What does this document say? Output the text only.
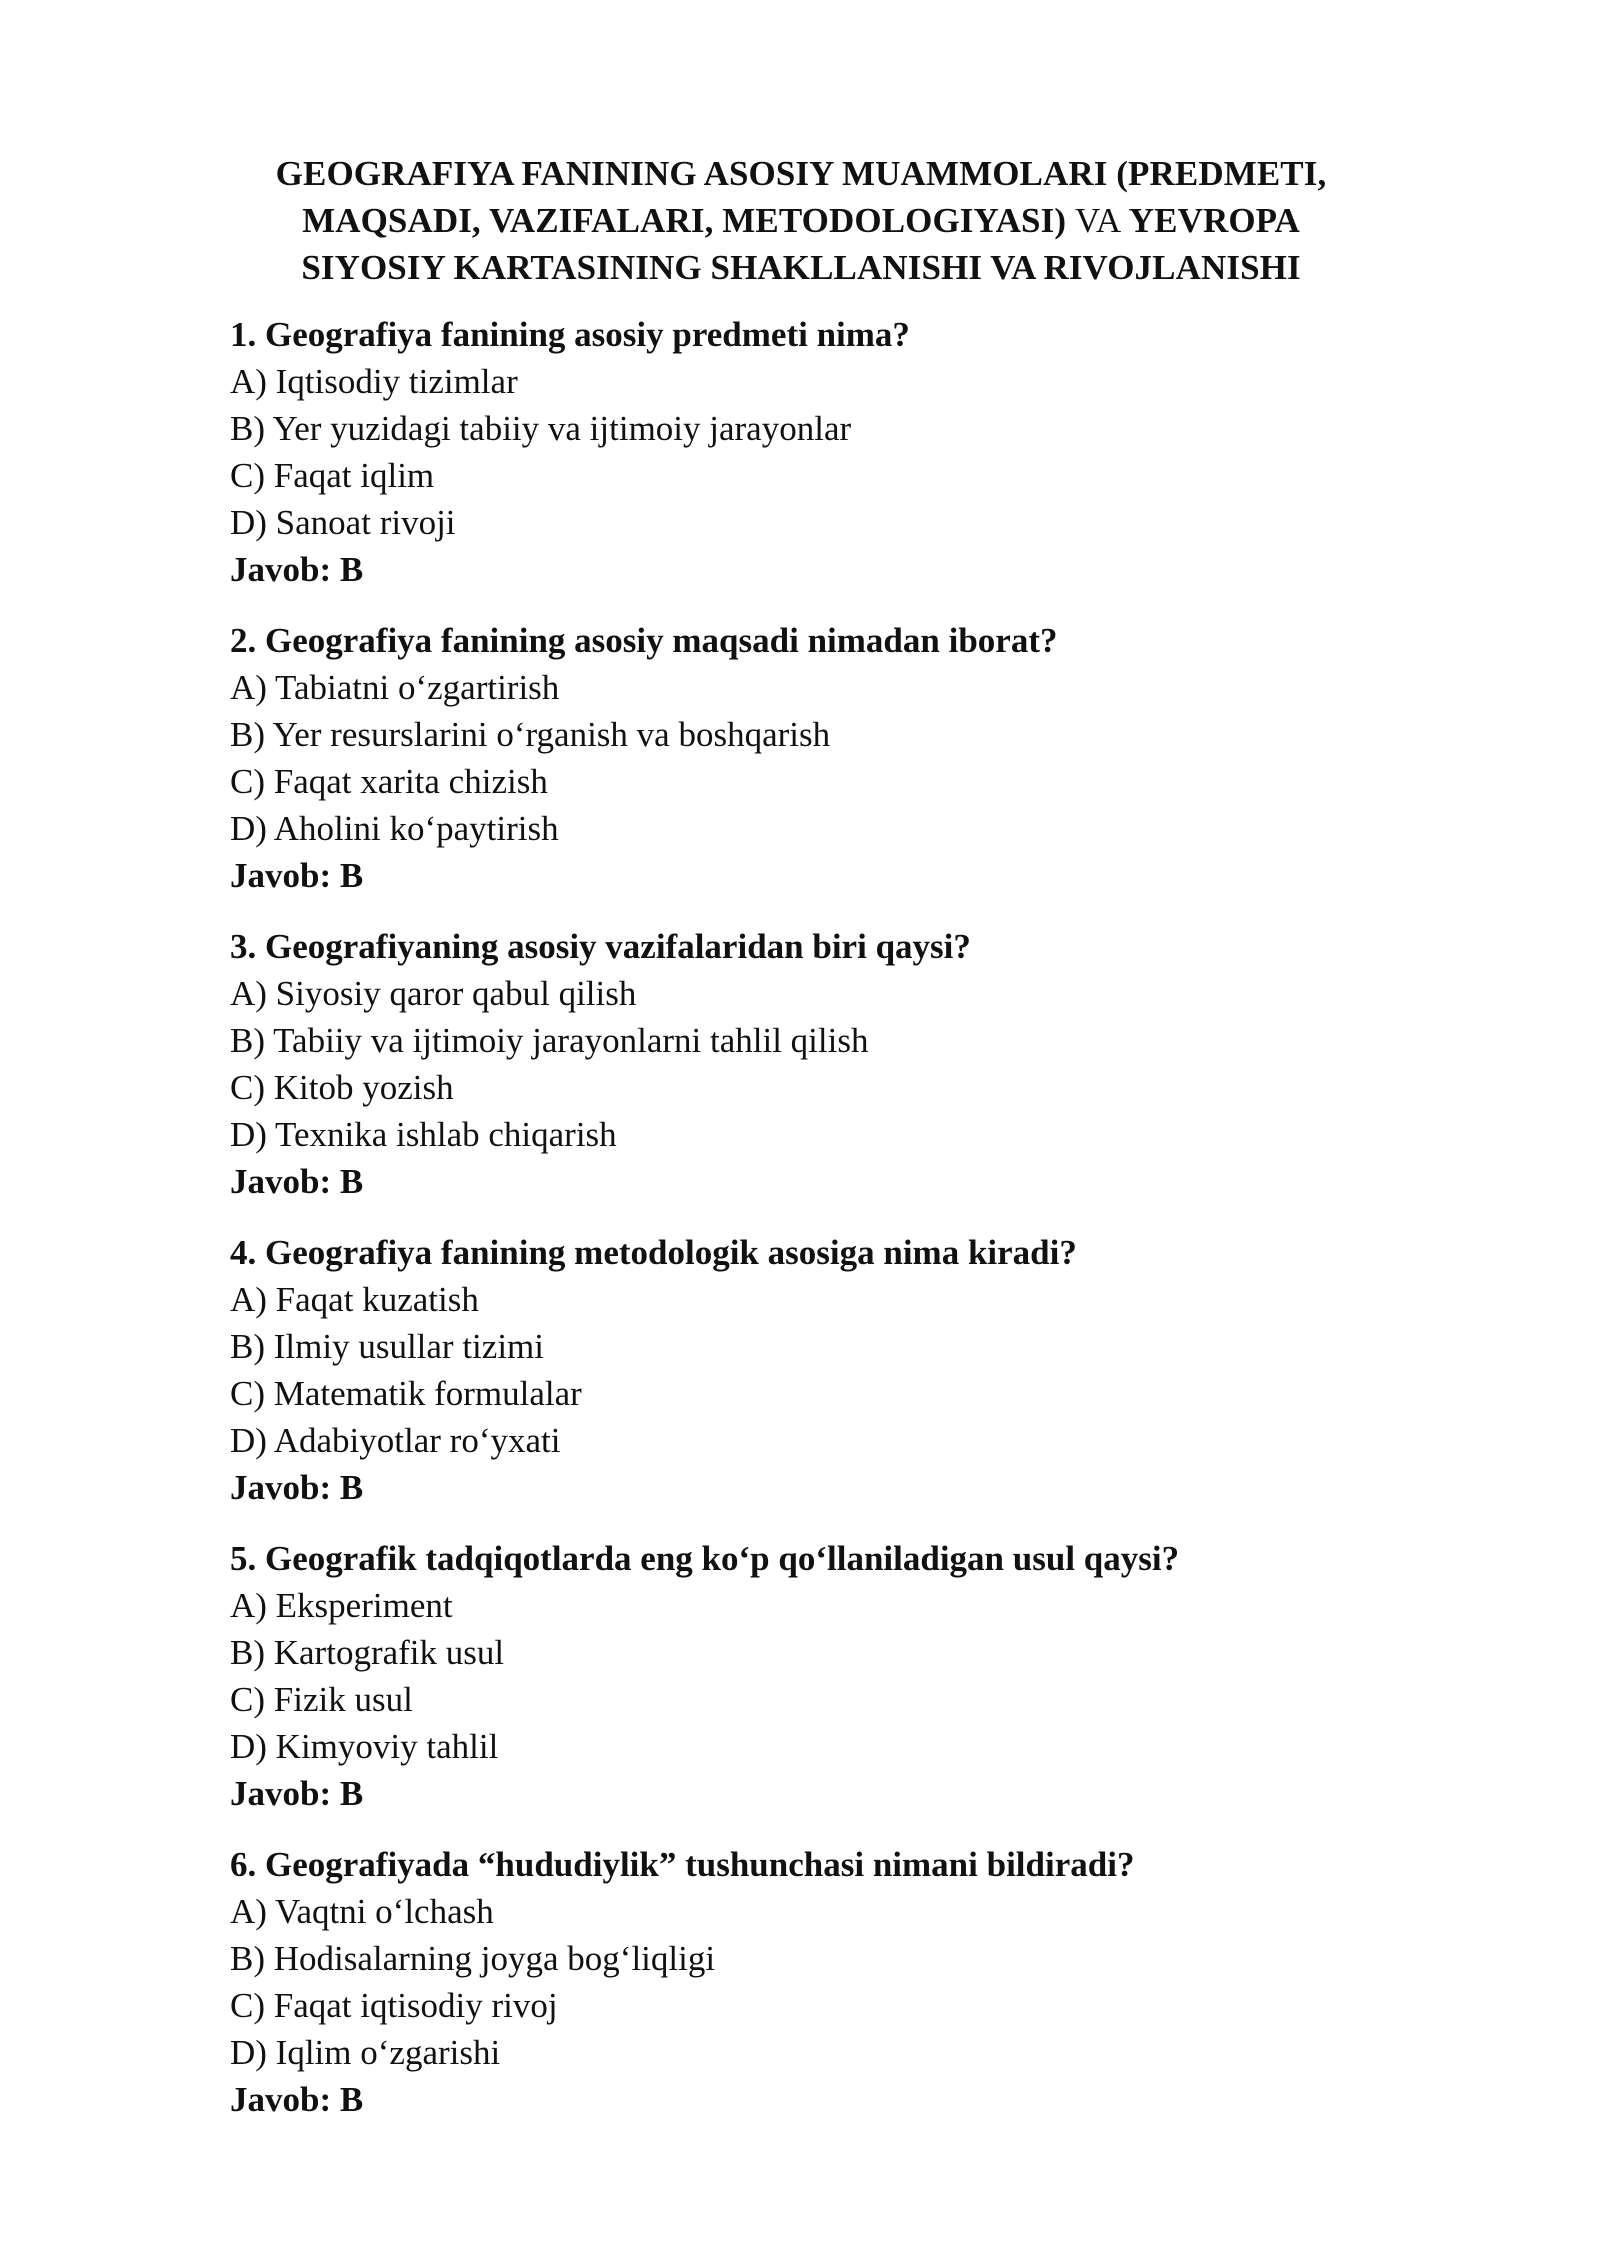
GEOGRAFIYA FANINING ASOSIY MUAMMOLARI (PREDMETI, MAQSADI, VAZIFALARI, METODOLOGIYASI) VA YEVROPA SIYOSIY KARTASINING SHAKLLANISHI VA RIVOJLANISHI

1. Geografiya fanining asosiy predmeti nima?

A) Iqtisodiy tizimlar

B) Yer yuzidagi tabiiy va ijtimoiy jarayonlar

C) Faqat iqlim

D) Sanoat rivoji

Javob: B

2. Geografiya fanining asosiy maqsadi nimadan iborat?

A) Tabiatni o‘zgartirish

B) Yer resurslarini o‘rganish va boshqarish

C) Faqat xarita chizish

D) Aholini ko‘paytirish

Javob: B

3. Geografiyaning asosiy vazifalaridan biri qaysi?

A) Siyosiy qaror qabul qilish

B) Tabiiy va ijtimoiy jarayonlarni tahlil qilish

C) Kitob yozish

D) Texnika ishlab chiqarish

Javob: B

4. Geografiya fanining metodologik asosiga nima kiradi?

A) Faqat kuzatish

B) Ilmiy usullar tizimi

C) Matematik formulalar

D) Adabiyotlar ro‘yxati

Javob: B

5. Geografik tadqiqotlarda eng ko‘p qo‘llaniladigan usul qaysi?

A) Eksperiment

B) Kartografik usul

C) Fizik usul

D) Kimyoviy tahlil

Javob: B

6. Geografiyada “hududiylik” tushunchasi nimani bildiradi?

A) Vaqtni o‘lchash

B) Hodisalarning joyga bog‘liqligi

C) Faqat iqtisodiy rivoj

D) Iqlim o‘zgarishi

Javob: B
